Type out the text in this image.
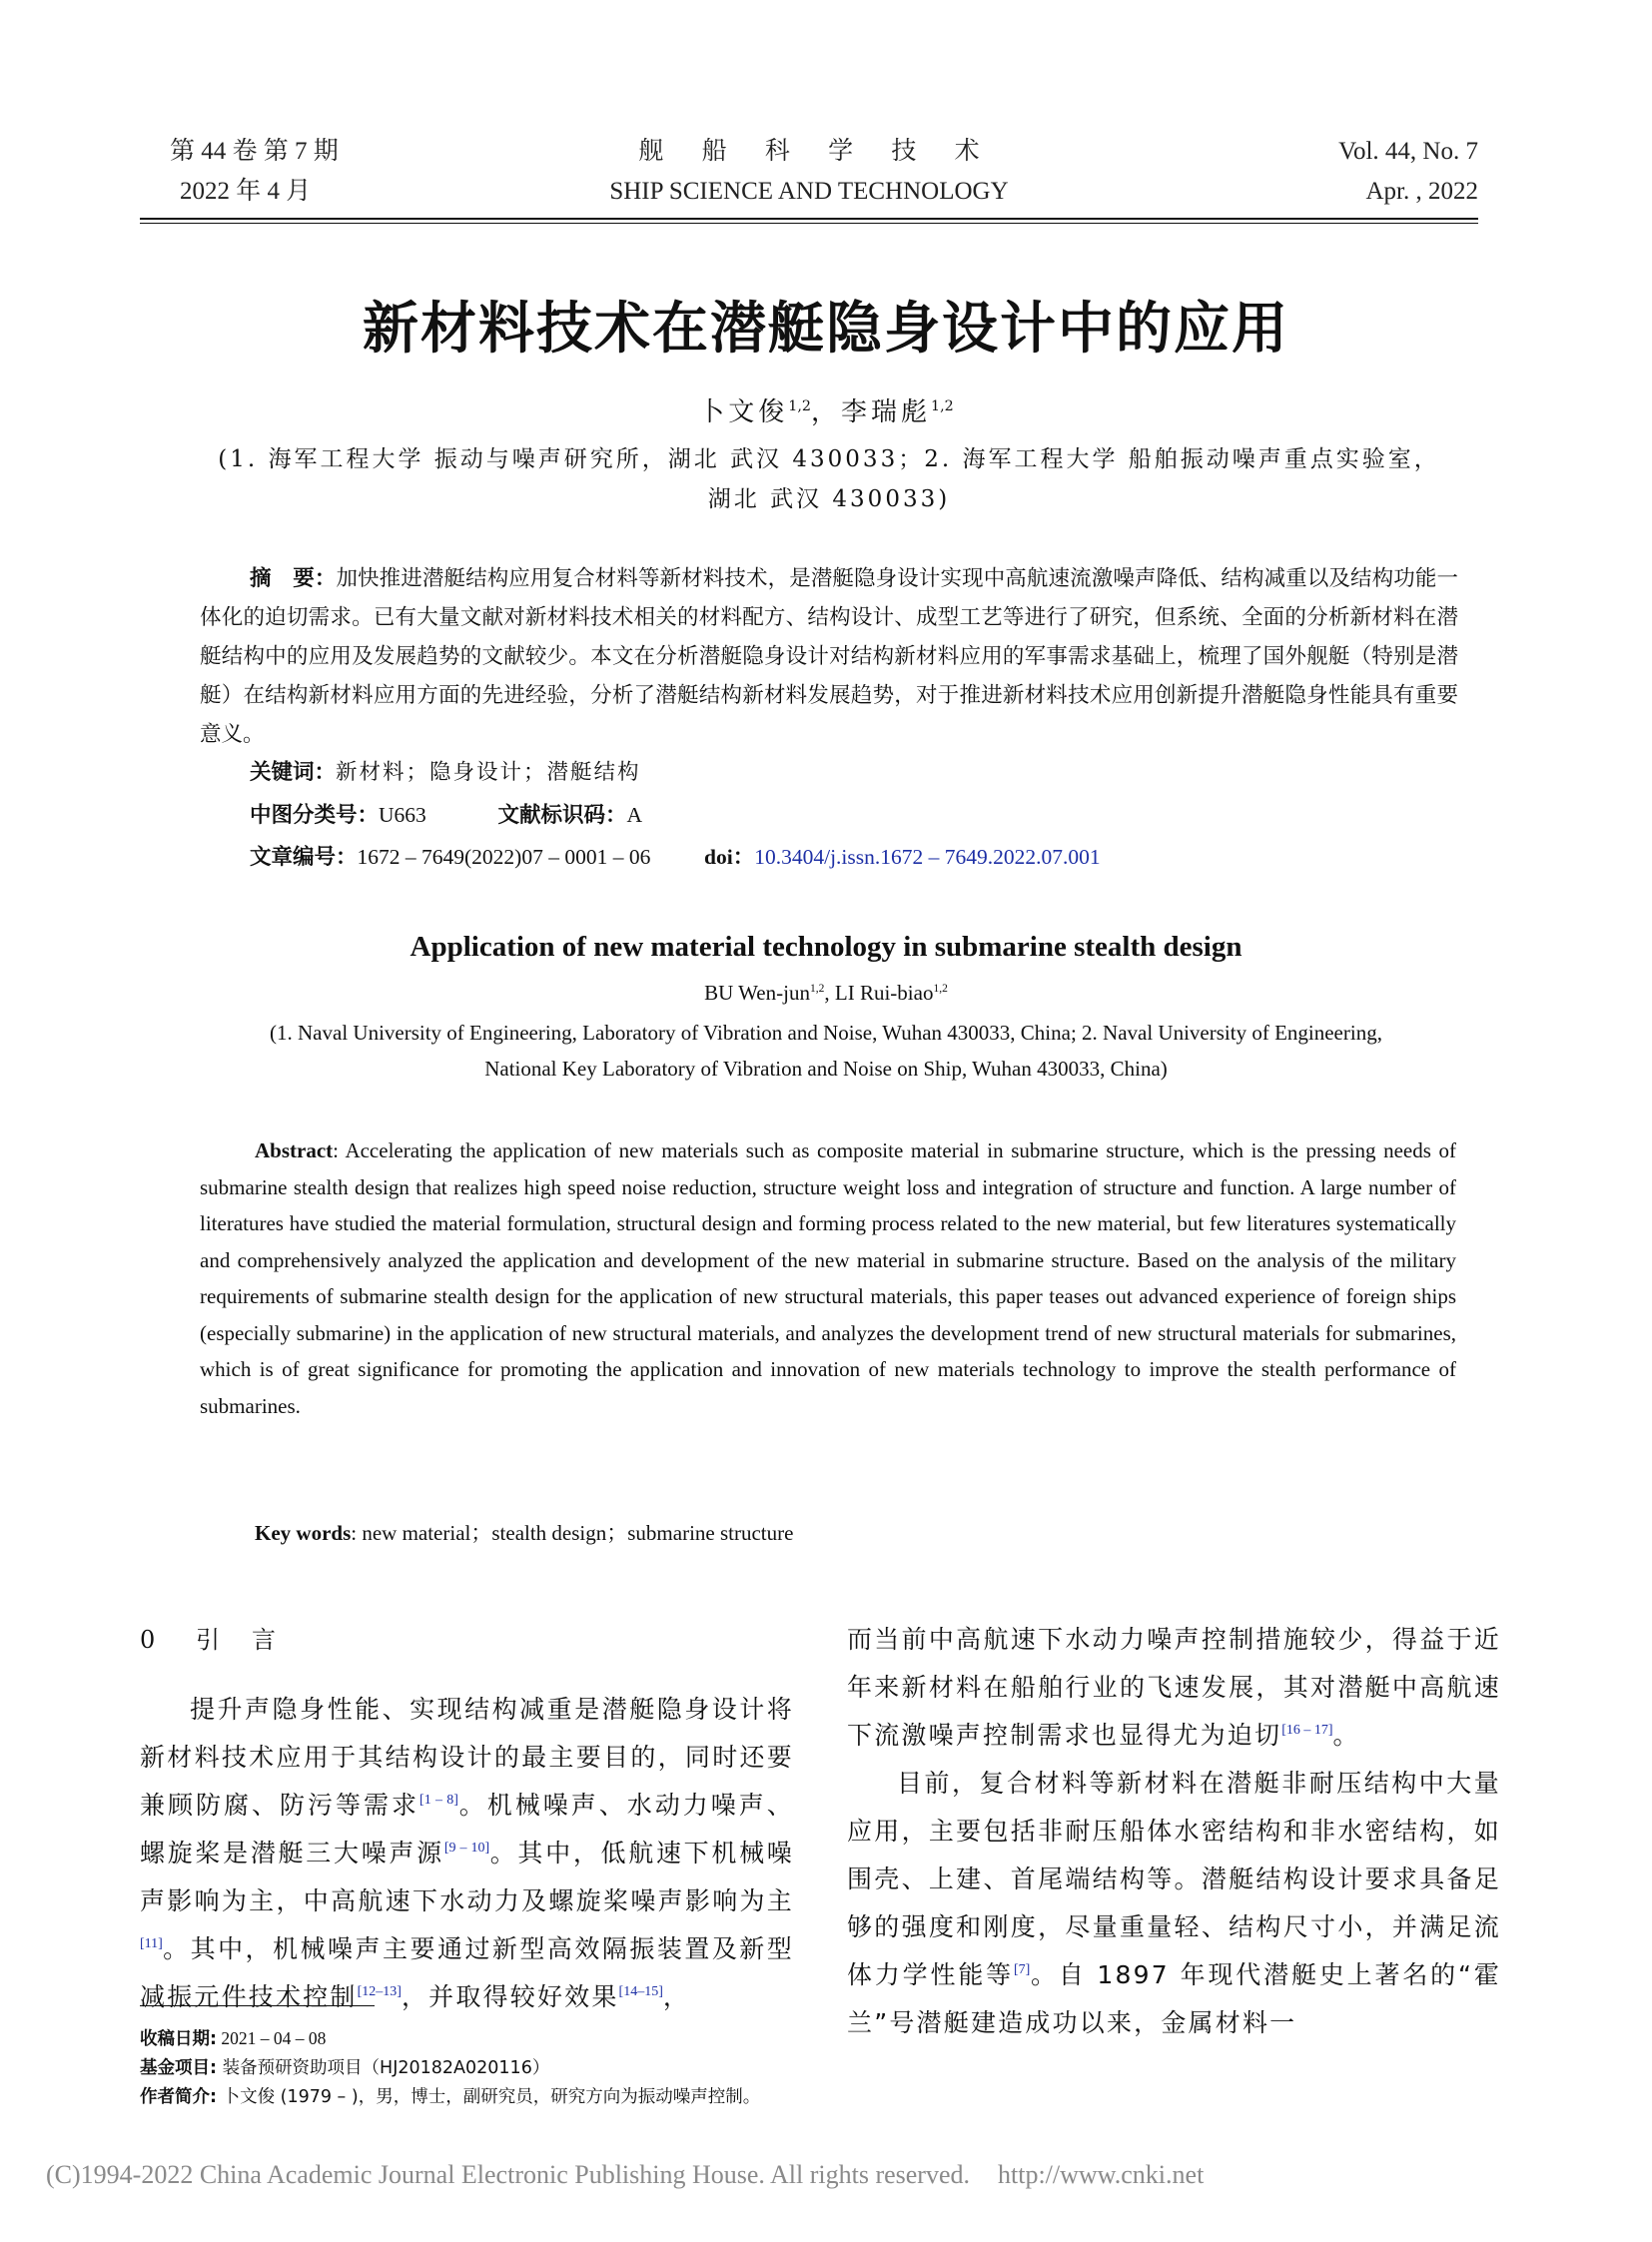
第 44 卷 第 7 期
2022 年 4 月
舰 船 科 学 技 术
SHIP SCIENCE AND TECHNOLOGY
Vol. 44, No. 7
Apr. , 2022
新材料技术在潜艇隐身设计中的应用
卜文俊$^{1,2}$，李瑞彪$^{1,2}$
(1. 海军工程大学 振动与噪声研究所，湖北 武汉 430033；2. 海军工程大学 船舶振动噪声重点实验室，
湖北 武汉 430033)
摘　要：加快推进潜艇结构应用复合材料等新材料技术，是潜艇隐身设计实现中高航速流激噪声降低、结构减重以及结构功能一体化的迫切需求。已有大量文献对新材料技术相关的材料配方、结构设计、成型工艺等进行了研究，但系统、全面的分析新材料在潜艇结构中的应用及发展趋势的文献较少。本文在分析潜艇隐身设计对结构新材料应用的军事需求基础上，梳理了国外舰艇（特别是潜艇）在结构新材料应用方面的先进经验，分析了潜艇结构新材料发展趋势，对于推进新材料技术应用创新提升潜艇隐身性能具有重要意义。
关键词：新材料；隐身设计；潜艇结构
中图分类号：U663	文献标识码：A
文章编号：1672 – 7649(2022)07 – 0001 – 06 doi：10.3404/j.issn.1672 – 7649.2022.07.001
Application of new material technology in submarine stealth design
BU Wen-jun$^{1,2}$, LI Rui-biao$^{1,2}$
(1. Naval University of Engineering, Laboratory of Vibration and Noise, Wuhan 430033, China; 2. Naval University of Engineering,
National Key Laboratory of Vibration and Noise on Ship, Wuhan 430033, China)
Abstract: Accelerating the application of new materials such as composite material in submarine structure, which is the pressing needs of submarine stealth design that realizes high speed noise reduction, structure weight loss and integration of structure and function. A large number of literatures have studied the material formulation, structural design and forming process related to the new material, but few literatures systematically and comprehensively analyzed the application and development of the new material in submarine structure. Based on the analysis of the military requirements of submarine stealth design for the application of new structural materials, this paper teases out advanced experience of foreign ships (especially submarine) in the application of new structural materials, and analyzes the development trend of new structural materials for submarines, which is of great significance for promoting the application and innovation of new materials technology to improve the stealth performance of submarines.
Key words: new material；stealth design；submarine structure
0 引言
提升声隐身性能、实现结构减重是潜艇隐身设计将新材料技术应用于其结构设计的最主要目的，同时还要兼顾防腐、防污等需求[1 – 8]。机械噪声、水动力噪声、螺旋桨是潜艇三大噪声源[9 – 10]。其中，低航速下机械噪声影响为主，中高航速下水动力及螺旋桨噪声影响为主[11]。其中，机械噪声主要通过新型高效隔振装置及新型减振元件技术控制[12–13]，并取得较好效果[14–15]，
而当前中高航速下水动力噪声控制措施较少，得益于近年来新材料在船舶行业的飞速发展，其对潜艇中高航速下流激噪声控制需求也显得尤为迫切[16 – 17]。
目前，复合材料等新材料在潜艇非耐压结构中大量应用，主要包括非耐压船体水密结构和非水密结构，如围壳、上建、首尾端结构等。潜艇结构设计要求具备足够的强度和刚度，尽量重量轻、结构尺寸小，并满足流体力学性能等[7]。自 1897 年现代潜艇史上著名的“霍兰”号潜艇建造成功以来，金属材料一
收稿日期: 2021 – 04 – 08
基金项目: 装备预研资助项目（HJ20182A020116）
作者简介: 卜文俊 (1979 – )，男，博士，副研究员，研究方向为振动噪声控制。
(C)1994-2022 China Academic Journal Electronic Publishing House. All rights reserved. http://www.cnki.net
